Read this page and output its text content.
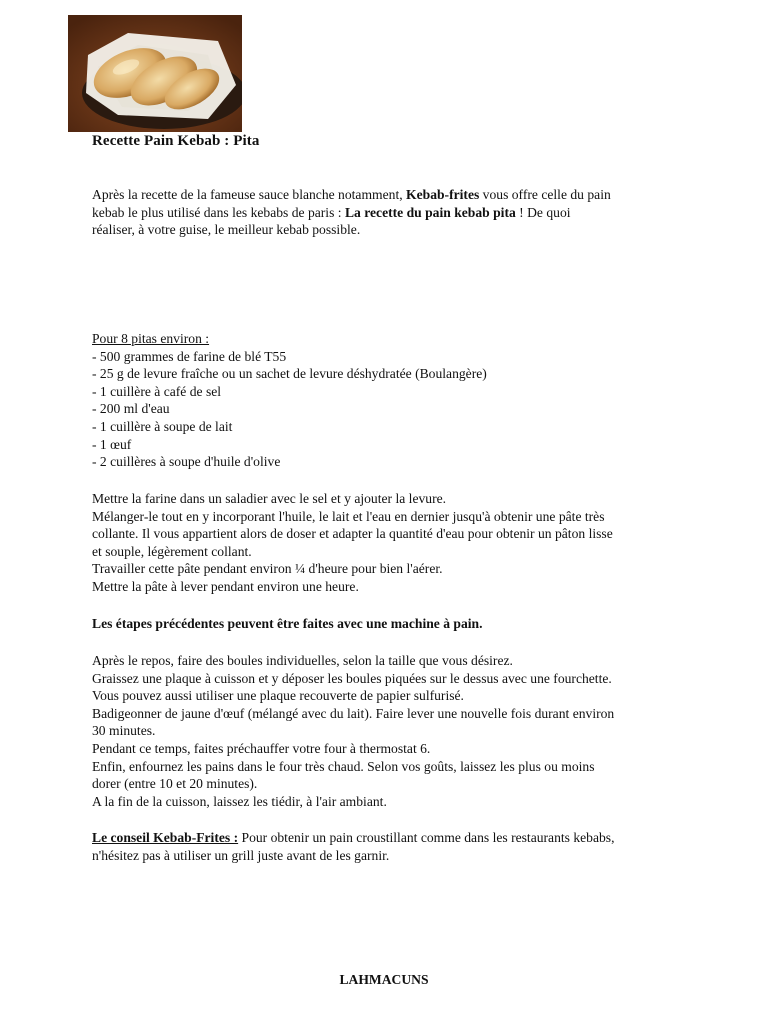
Recette Pain Kebab : Pita

Après la recette de la fameuse sauce blanche notamment, Kebab-frites vous offre celle du pain
kebab le plus utilisé dans les kebabs de paris : La recette du pain kebab pita ! De quoi
réaliser, à votre guise, le meilleur kebab possible.

Pour 8 pitas environ :
- 500 grammes de farine de blé T55
- 25 g de levure fraîche ou un sachet de levure déshydratée (Boulangère)
- 1 cuillère à café de sel
- 200 ml d'eau
- 1 cuillère à soupe de lait
- 1 œuf
- 2 cuillères à soupe d'huile d'olive

Mettre la farine dans un saladier avec le sel et y ajouter la levure.
Mélanger-le tout en y incorporant l'huile, le lait et l'eau en dernier jusqu'à obtenir une pâte très
collante. Il vous appartient alors de doser et adapter la quantité d'eau pour obtenir un pâton lisse
et souple, légèrement collant.
Travailler cette pâte pendant environ ¼ d'heure pour bien l'aérer.
Mettre la pâte à lever pendant environ une heure.

Les étapes précédentes peuvent être faites avec une machine à pain.

Après le repos, faire des boules individuelles, selon la taille que vous désirez.
Graissez une plaque à cuisson et y déposer les boules piquées sur le dessus avec une fourchette.
Vous pouvez aussi utiliser une plaque recouverte de papier sulfurisé.
Badigeonner de jaune d'œuf (mélangé avec du lait). Faire lever une nouvelle fois durant environ
30 minutes.
Pendant ce temps, faites préchauffer votre four à thermostat 6.
Enfin, enfournez les pains dans le four très chaud. Selon vos goûts, laissez les plus ou moins
dorer (entre 10 et 20 minutes).
A la fin de la cuisson, laissez les tiédir, à l'air ambiant.

Le conseil Kebab-Frites : Pour obtenir un pain croustillant comme dans les restaurants kebabs,
n'hésitez pas à utiliser un grill juste avant de les garnir.

LAHMACUNS
